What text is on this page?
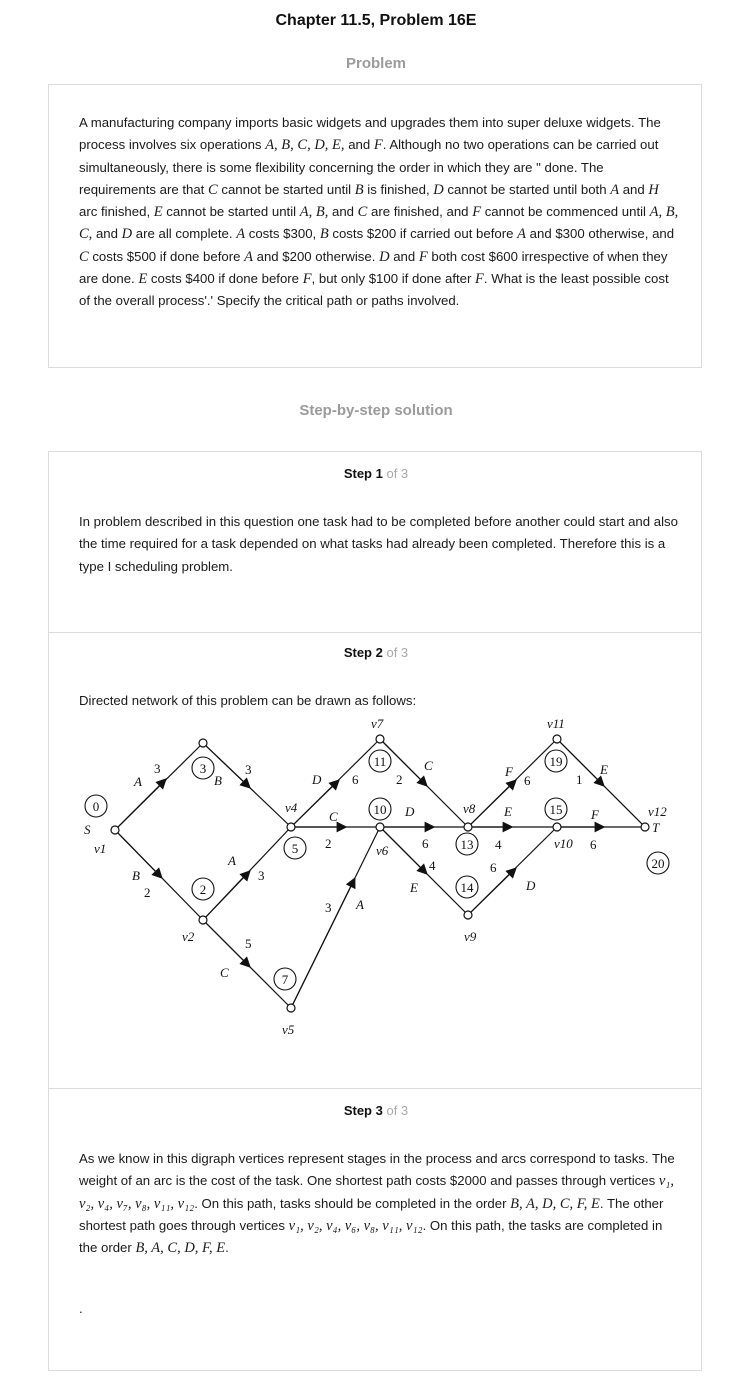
Chapter 11.5, Problem 16E
Problem
A manufacturing company imports basic widgets and upgrades them into super deluxe widgets. The process involves six operations A, B, C, D, E, and F. Although no two operations can be carried out simultaneously, there is some flexibility concerning the order in which they are " done. The requirements are that C cannot be started until B is finished, D cannot be started until both A and H arc finished, E cannot be started until A, B, and C are finished, and F cannot be commenced until A, B, C, and D are all complete. A costs $300, B costs $200 if carried out before A and $300 otherwise, and C costs $500 if done before A and $200 otherwise. D and F both cost $600 irrespective of when they are done. E costs $400 if done before F, but only $100 if done after F. What is the least possible cost of the overall process'.' Specify the critical path or paths involved.
Step-by-step solution
Step 1 of 3
Step 2 of 3
Step 3 of 3
In problem described in this question one task had to be completed before another could start and also the time required for a task depended on what tasks had already been completed. Therefore this is a type I scheduling problem.
Directed network of this problem can be drawn as follows:
0
3
2
7
5
11
10
13
14
19
15
20
v1
v2
v4
v5
v6
v7
v8
v9
v10
v11
v12
S	T
A	B
B
A
C
A
D
C
C
D
E	D
F
E
E
F
3	3
2
3
5
3
6
2
2
6
4	6
6
4
1
6
As we know in this digraph vertices represent stages in the process and arcs correspond to tasks. The weight of an arc is the cost of the task. One shortest path costs $2000 and passes through vertices v₁, v₂, v₄, v₇, v₈, v₁₁, v₁₂. On this path, tasks should be completed in the order B, A, D, C, F, E. The other shortest path goes through vertices v₁, v₂, v₄, v₆, v₈, v₁₁, v₁₂. On this path, the tasks are completed in the order B, A, C, D, F, E.
.
